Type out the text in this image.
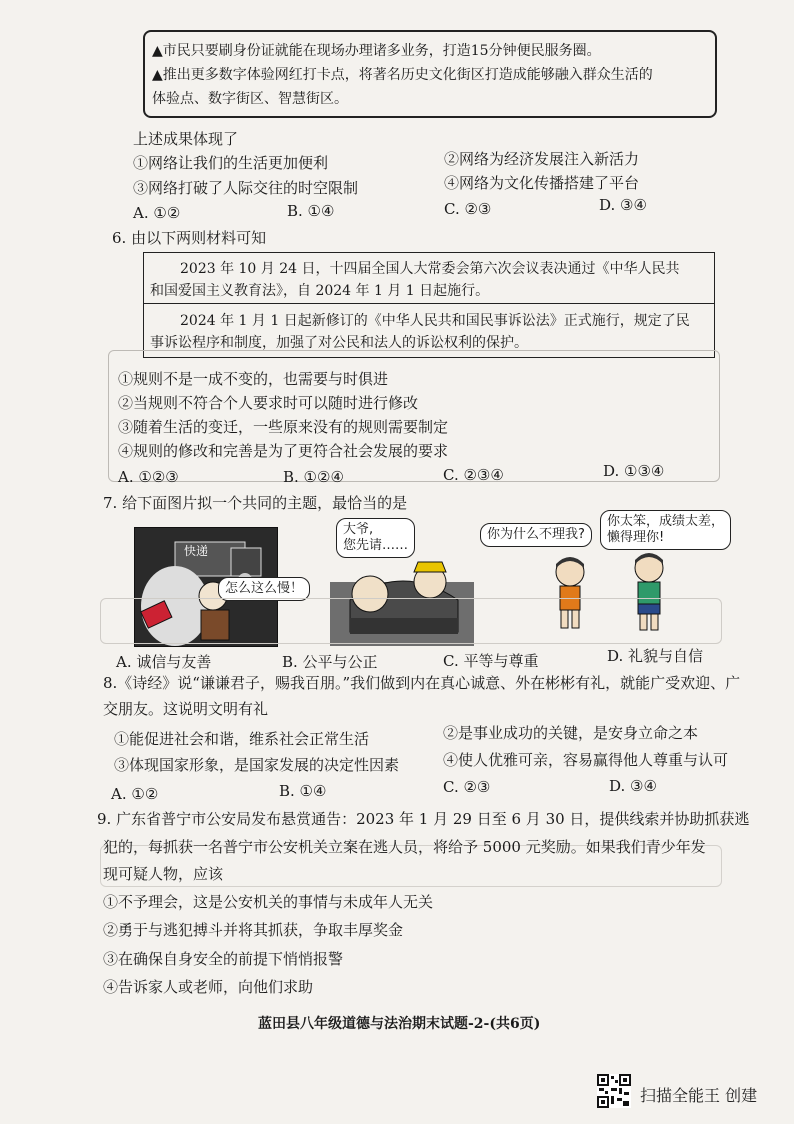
▲市民只要刷身份证就能在现场办理诸多业务，打造15分钟便民服务圈。
▲推出更多数字体验网红打卡点，将著名历史文化街区打造成能够融入群众生活的
体验点、数字街区、智慧街区。
上述成果体现了
①网络让我们的生活更加便利	②网络为经济发展注入新活力
③网络打破了人际交往的时空限制	④网络为文化传播搭建了平台
A. ①②	B. ①④	C. ②③	D. ③④
6. 由以下两则材料可知
2023 年 10 月 24 日，十四届全国人大常委会第六次会议表决通过《中华人民共
和国爱国主义教育法》，自 2024 年 1 月 1 日起施行。
2024 年 1 月 1 日起新修订的《中华人民共和国民事诉讼法》正式施行，规定了民
事诉讼程序和制度，加强了对公民和法人的诉讼权利的保护。
①规则不是一成不变的，也需要与时俱进
②当规则不符合个人要求时可以随时进行修改
③随着生活的变迁，一些原来没有的规则需要制定
④规则的修改和完善是为了更符合社会发展的要求
A. ①②③	B. ①②④	C. ②③④	D. ①③④
7. 给下面图片拟一个共同的主题，最恰当的是
快递
怎么这么慢！
大爷,
您先请……
你为什么不理我?
你太笨，成绩太差，
懒得理你!
A. 诚信与友善	B. 公平与公正	C. 平等与尊重	D. 礼貌与自信
8.《诗经》说“谦谦君子，赐我百朋。”我们做到内在真心诚意、外在彬彬有礼，就能广受欢迎、广
交朋友。这说明文明有礼
①能促进社会和谐，维系社会正常生活	②是事业成功的关键，是安身立命之本
③体现国家形象，是国家发展的决定性因素	④使人优雅可亲，容易赢得他人尊重与认可
A. ①②	B. ①④	C. ②③	D. ③④
9. 广东省普宁市公安局发布悬赏通告：2023 年 1 月 29 日至 6 月 30 日，提供线索并协助抓获逃
犯的，每抓获一名普宁市公安机关立案在逃人员，将给予 5000 元奖励。如果我们青少年发
现可疑人物，应该
①不予理会，这是公安机关的事情与未成年人无关
②勇于与逃犯搏斗并将其抓获，争取丰厚奖金
③在确保自身安全的前提下悄悄报警
④告诉家人或老师，向他们求助
蓝田县八年级道德与法治期末试题-2-(共6页)
扫描全能王 创建
